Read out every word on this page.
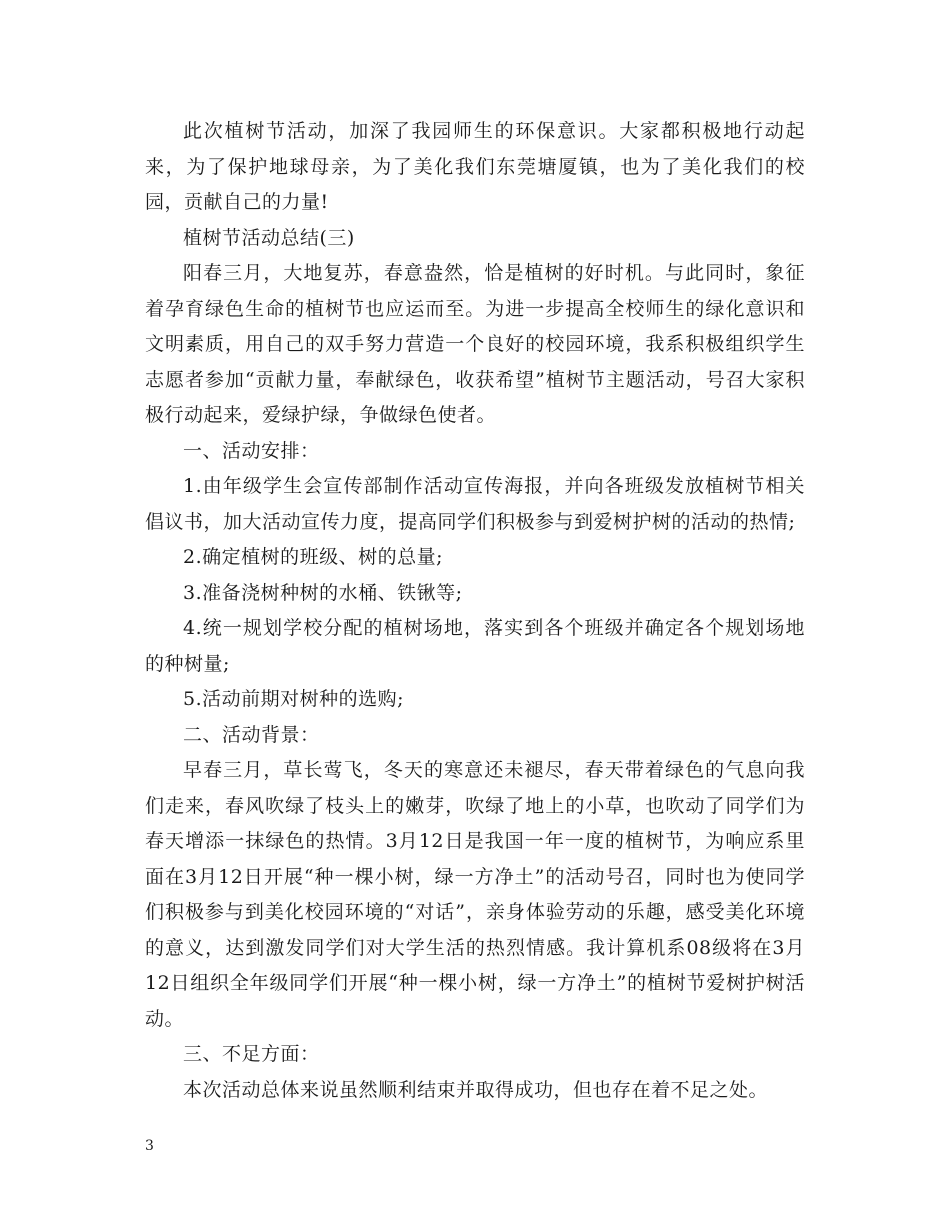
此次植树节活动，加深了我园师生的环保意识。大家都积极地行动起来，为了保护地球母亲，为了美化我们东莞塘厦镇，也为了美化我们的校园，贡献自己的力量!

植树节活动总结(三)

阳春三月，大地复苏，春意盎然，恰是植树的好时机。与此同时，象征着孕育绿色生命的植树节也应运而至。为进一步提高全校师生的绿化意识和文明素质，用自己的双手努力营造一个良好的校园环境，我系积极组织学生志愿者参加“贡献力量，奉献绿色，收获希望”植树节主题活动，号召大家积极行动起来，爱绿护绿，争做绿色使者。

一、活动安排：

1.由年级学生会宣传部制作活动宣传海报，并向各班级发放植树节相关倡议书，加大活动宣传力度，提高同学们积极参与到爱树护树的活动的热情;

2.确定植树的班级、树的总量;

3.准备浇树种树的水桶、铁锹等;

4.统一规划学校分配的植树场地，落实到各个班级并确定各个规划场地的种树量;

5.活动前期对树种的选购;

二、活动背景：

早春三月，草长莺飞，冬天的寒意还未褪尽，春天带着绿色的气息向我们走来，春风吹绿了枝头上的嫩芽，吹绿了地上的小草，也吹动了同学们为春天增添一抹绿色的热情。3月12日是我国一年一度的植树节，为响应系里面在3月12日开展“种一棵小树，绿一方净土”的活动号召，同时也为使同学们积极参与到美化校园环境的“对话”，亲身体验劳动的乐趣，感受美化环境的意义，达到激发同学们对大学生活的热烈情感。我计算机系08级将在3月12日组织全年级同学们开展“种一棵小树，绿一方净土”的植树节爱树护树活动。

三、不足方面：

本次活动总体来说虽然顺利结束并取得成功，但也存在着不足之处。

3
